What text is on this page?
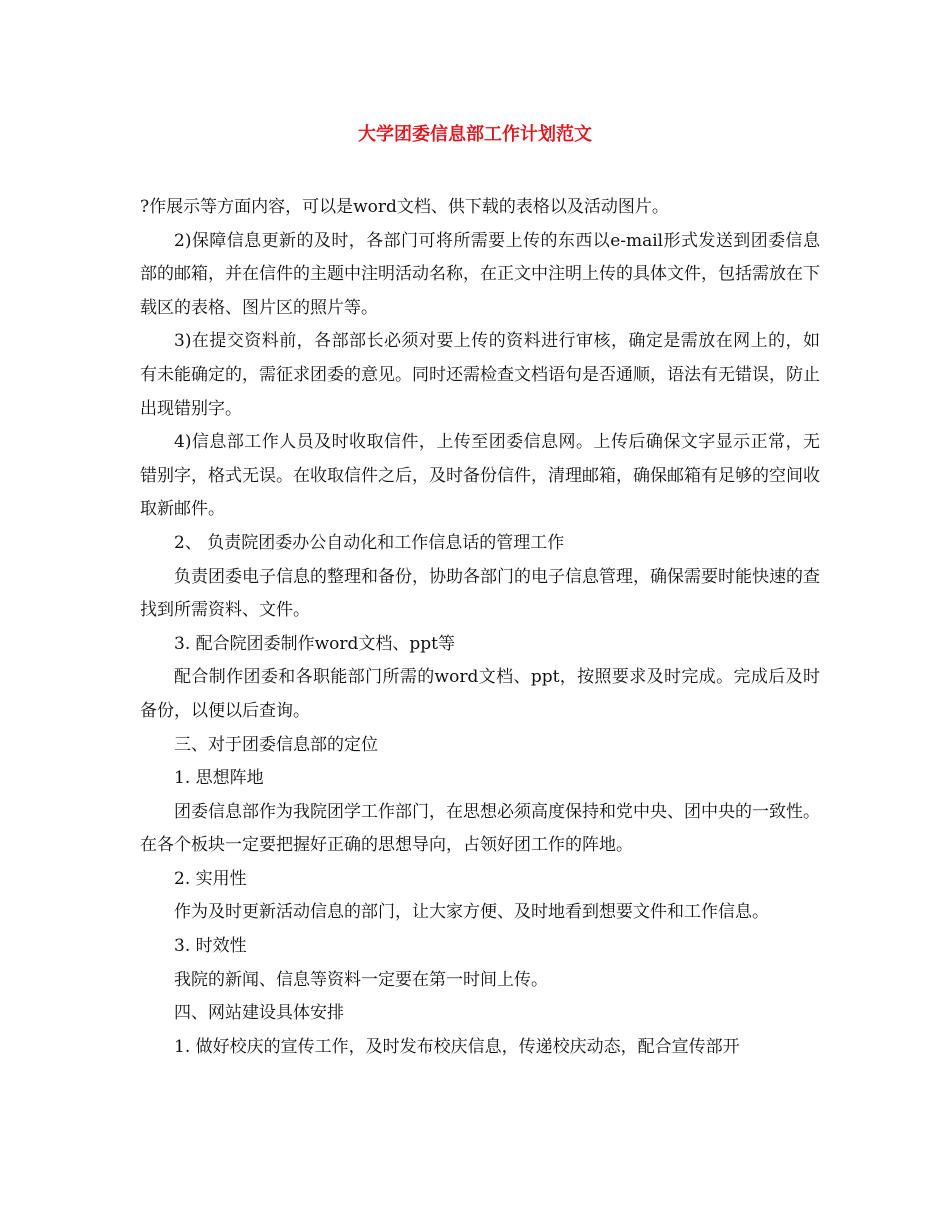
大学团委信息部工作计划范文

?作展示等方面内容，可以是word文档、供下载的表格以及活动图片。

2)保障信息更新的及时，各部门可将所需要上传的东西以e-mail形式发送到团委信息部的邮箱，并在信件的主题中注明活动名称，在正文中注明上传的具体文件，包括需放在下载区的表格、图片区的照片等。

3)在提交资料前，各部部长必须对要上传的资料进行审核，确定是需放在网上的，如有未能确定的，需征求团委的意见。同时还需检查文档语句是否通顺，语法有无错误，防止出现错别字。

4)信息部工作人员及时收取信件，上传至团委信息网。上传后确保文字显示正常，无错别字，格式无误。在收取信件之后，及时备份信件，清理邮箱，确保邮箱有足够的空间收取新邮件。

2、 负责院团委办公自动化和工作信息话的管理工作

负责团委电子信息的整理和备份，协助各部门的电子信息管理，确保需要时能快速的查找到所需资料、文件。

3. 配合院团委制作word文档、ppt等

配合制作团委和各职能部门所需的word文档、ppt，按照要求及时完成。完成后及时备份，以便以后查询。

三、对于团委信息部的定位

1. 思想阵地

团委信息部作为我院团学工作部门，在思想必须高度保持和党中央、团中央的一致性。在各个板块一定要把握好正确的思想导向，占领好团工作的阵地。

2. 实用性

作为及时更新活动信息的部门，让大家方便、及时地看到想要文件和工作信息。

3. 时效性

我院的新闻、信息等资料一定要在第一时间上传。

四、网站建设具体安排

1. 做好校庆的宣传工作，及时发布校庆信息，传递校庆动态，配合宣传部开
